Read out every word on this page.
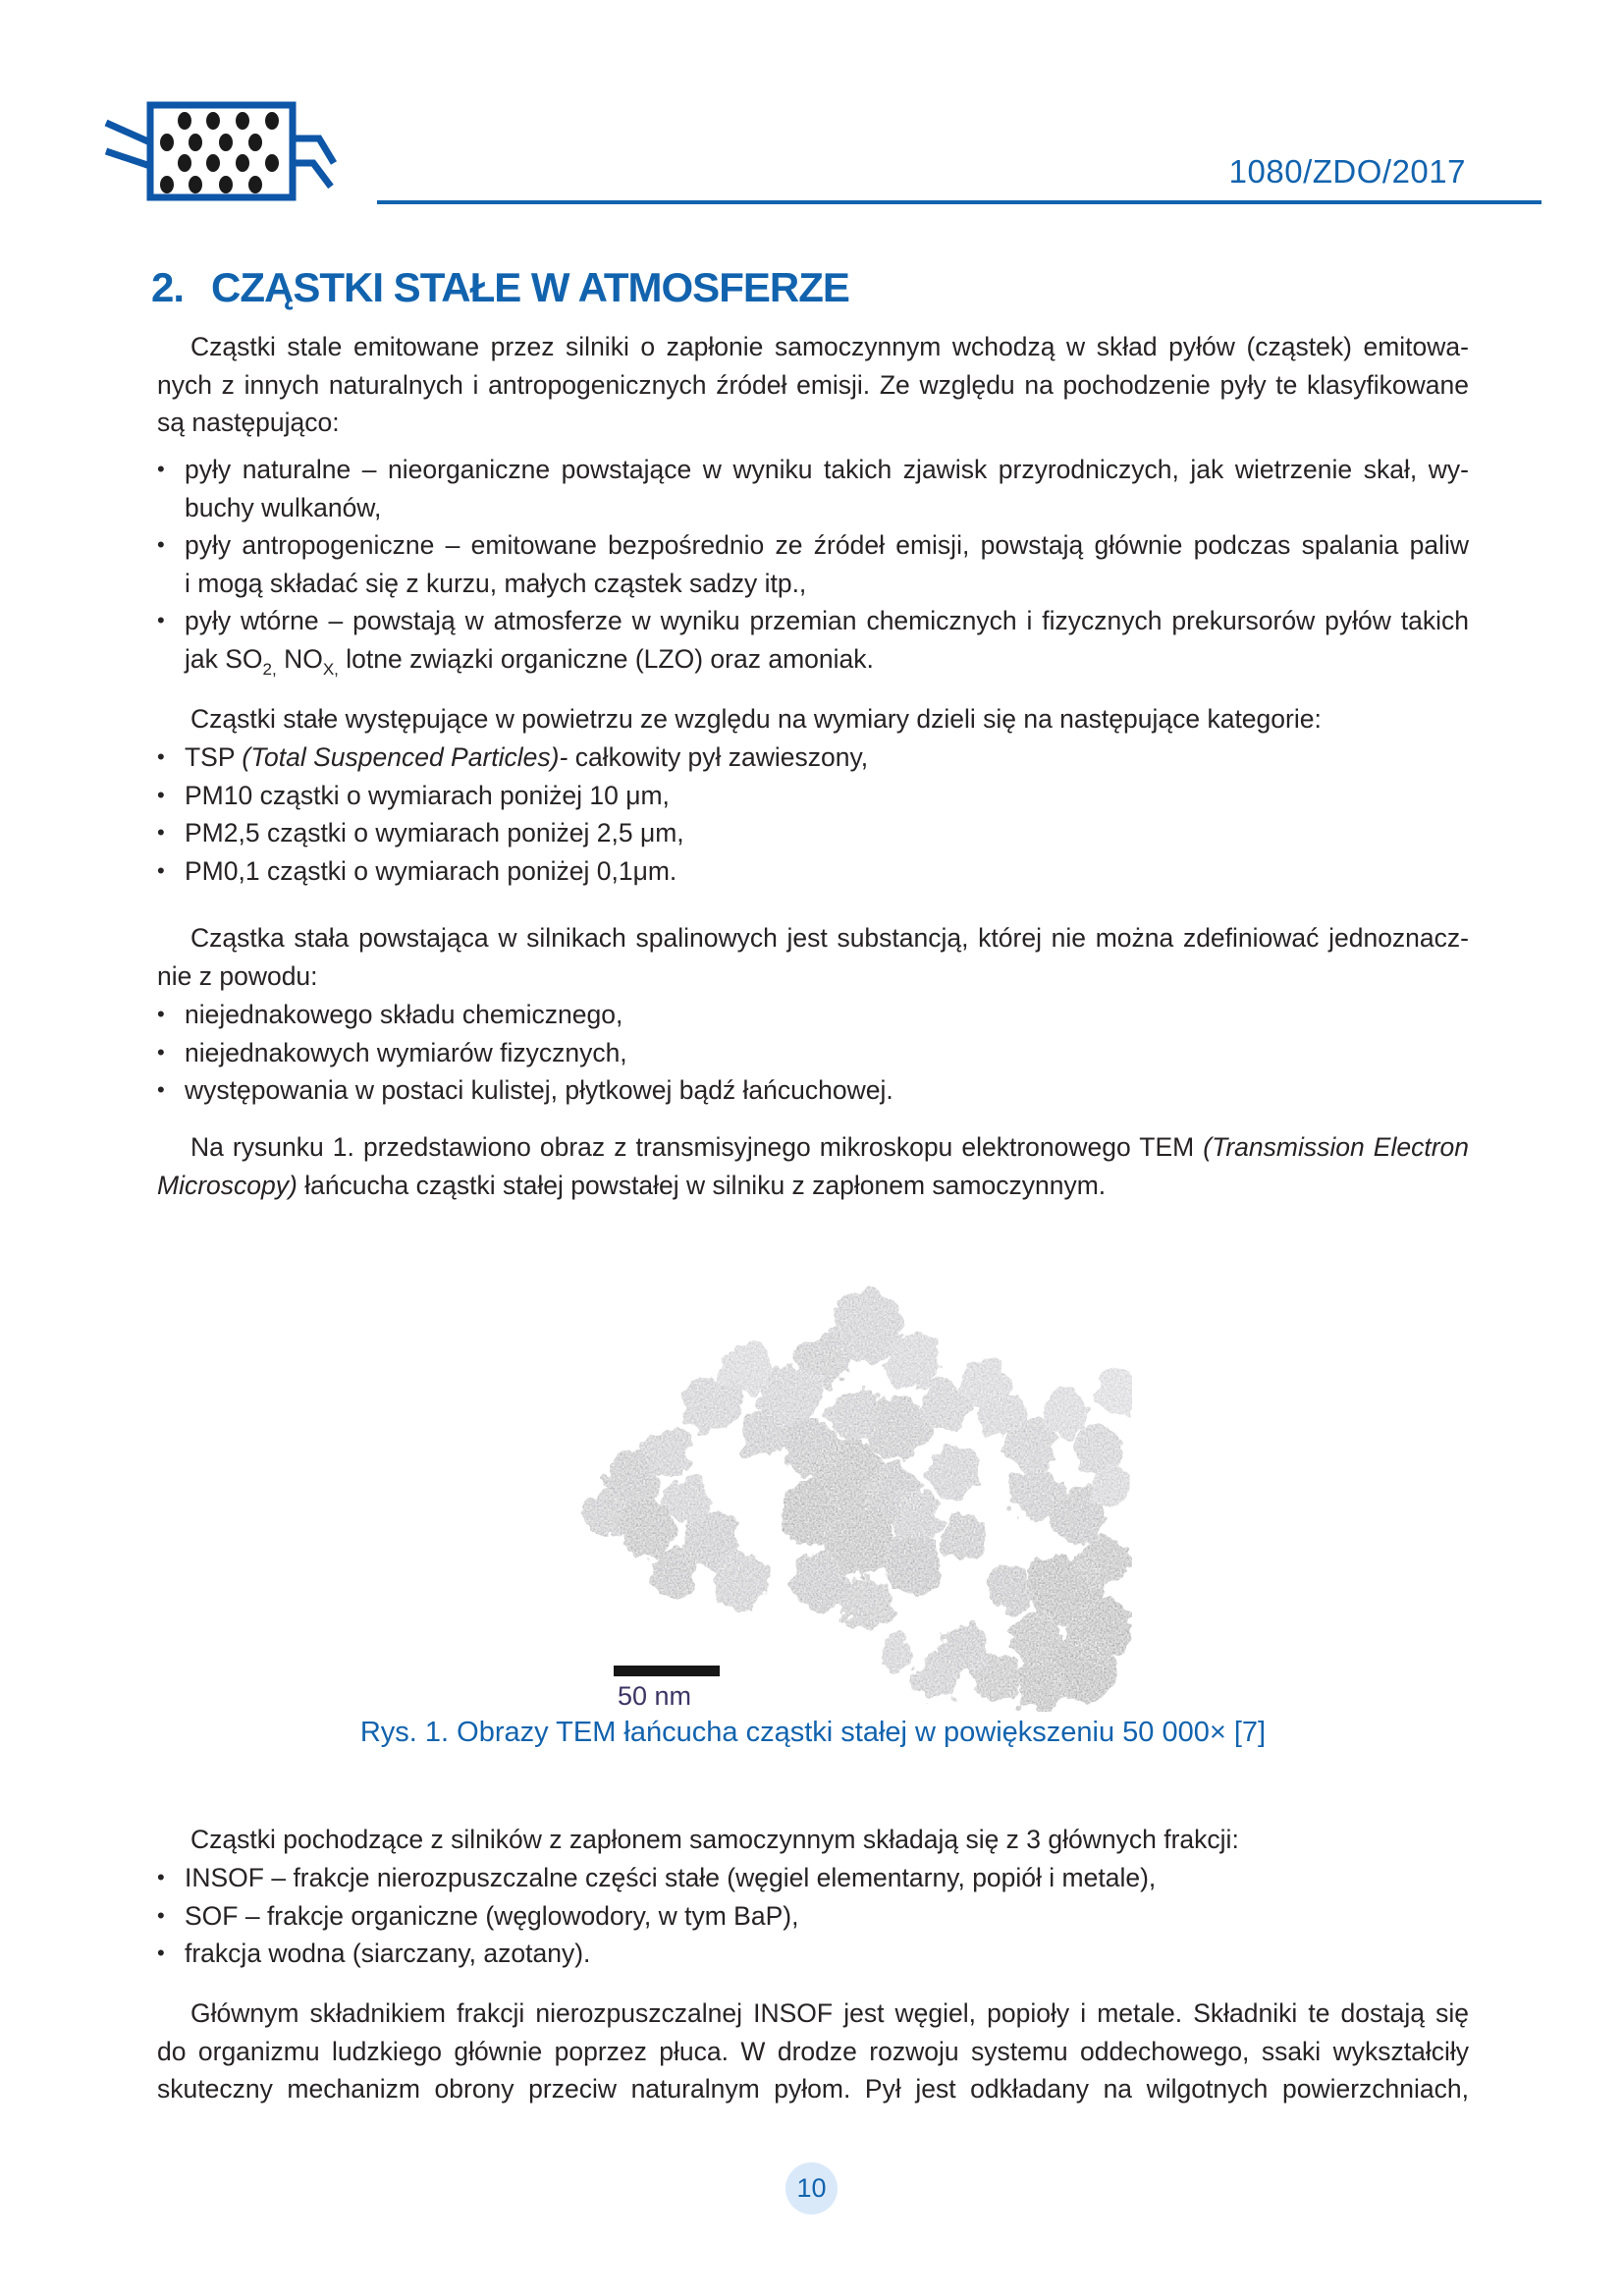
1080/ZDO/2017
2. CZĄSTKI STAŁE W ATMOSFERZE
Cząstki stale emitowane przez silniki o zapłonie samoczynnym wchodzą w skład pyłów (cząstek) emitowa-
nych z innych naturalnych i antropogenicznych źródeł emisji. Ze względu na pochodzenie pyły te klasyfikowane
są następująco:
• pyły naturalne – nieorganiczne powstające w wyniku takich zjawisk przyrodniczych, jak wietrzenie skał, wy-
buchy wulkanów,
• pyły antropogeniczne – emitowane bezpośrednio ze źródeł emisji, powstają głównie podczas spalania paliw
i mogą składać się z kurzu, małych cząstek sadzy itp.,
• pyły wtórne – powstają w atmosferze w wyniku przemian chemicznych i fizycznych prekursorów pyłów takich
jak $SO_{2,}$ $NO_{X,}$ lotne związki organiczne (LZO) oraz amoniak.
Cząstki stałe występujące w powietrzu ze względu na wymiary dzieli się na następujące kategorie:
• TSP (Total Suspenced Particles)- całkowity pył zawieszony,
• PM10 cząstki o wymiarach poniżej 10 μm,
• PM2,5 cząstki o wymiarach poniżej 2,5 μm,
• PM0,1 cząstki o wymiarach poniżej 0,1μm.
Cząstka stała powstająca w silnikach spalinowych jest substancją, której nie można zdefiniować jednoznacz-
nie z powodu:
• niejednakowego składu chemicznego,
• niejednakowych wymiarów fizycznych,
• występowania w postaci kulistej, płytkowej bądź łańcuchowej.
Na rysunku 1. przedstawiono obraz z transmisyjnego mikroskopu elektronowego TEM (Transmission Electron
Microscopy) łańcucha cząstki stałej powstałej w silniku z zapłonem samoczynnym.
50 nm
Rys. 1. Obrazy TEM łańcucha cząstki stałej w powiększeniu 50 000× [7]
Cząstki pochodzące z silników z zapłonem samoczynnym składają się z 3 głównych frakcji:
• INSOF – frakcje nierozpuszczalne części stałe (węgiel elementarny, popiół i metale),
• SOF – frakcje organiczne (węglowodory, w tym BaP),
• frakcja wodna (siarczany, azotany).
Głównym składnikiem frakcji nierozpuszczalnej INSOF jest węgiel, popioły i metale. Składniki te dostają się
do organizmu ludzkiego głównie poprzez płuca. W drodze rozwoju systemu oddechowego, ssaki wykształciły
skuteczny mechanizm obrony przeciw naturalnym pyłom. Pył jest odkładany na wilgotnych powierzchniach,
10
